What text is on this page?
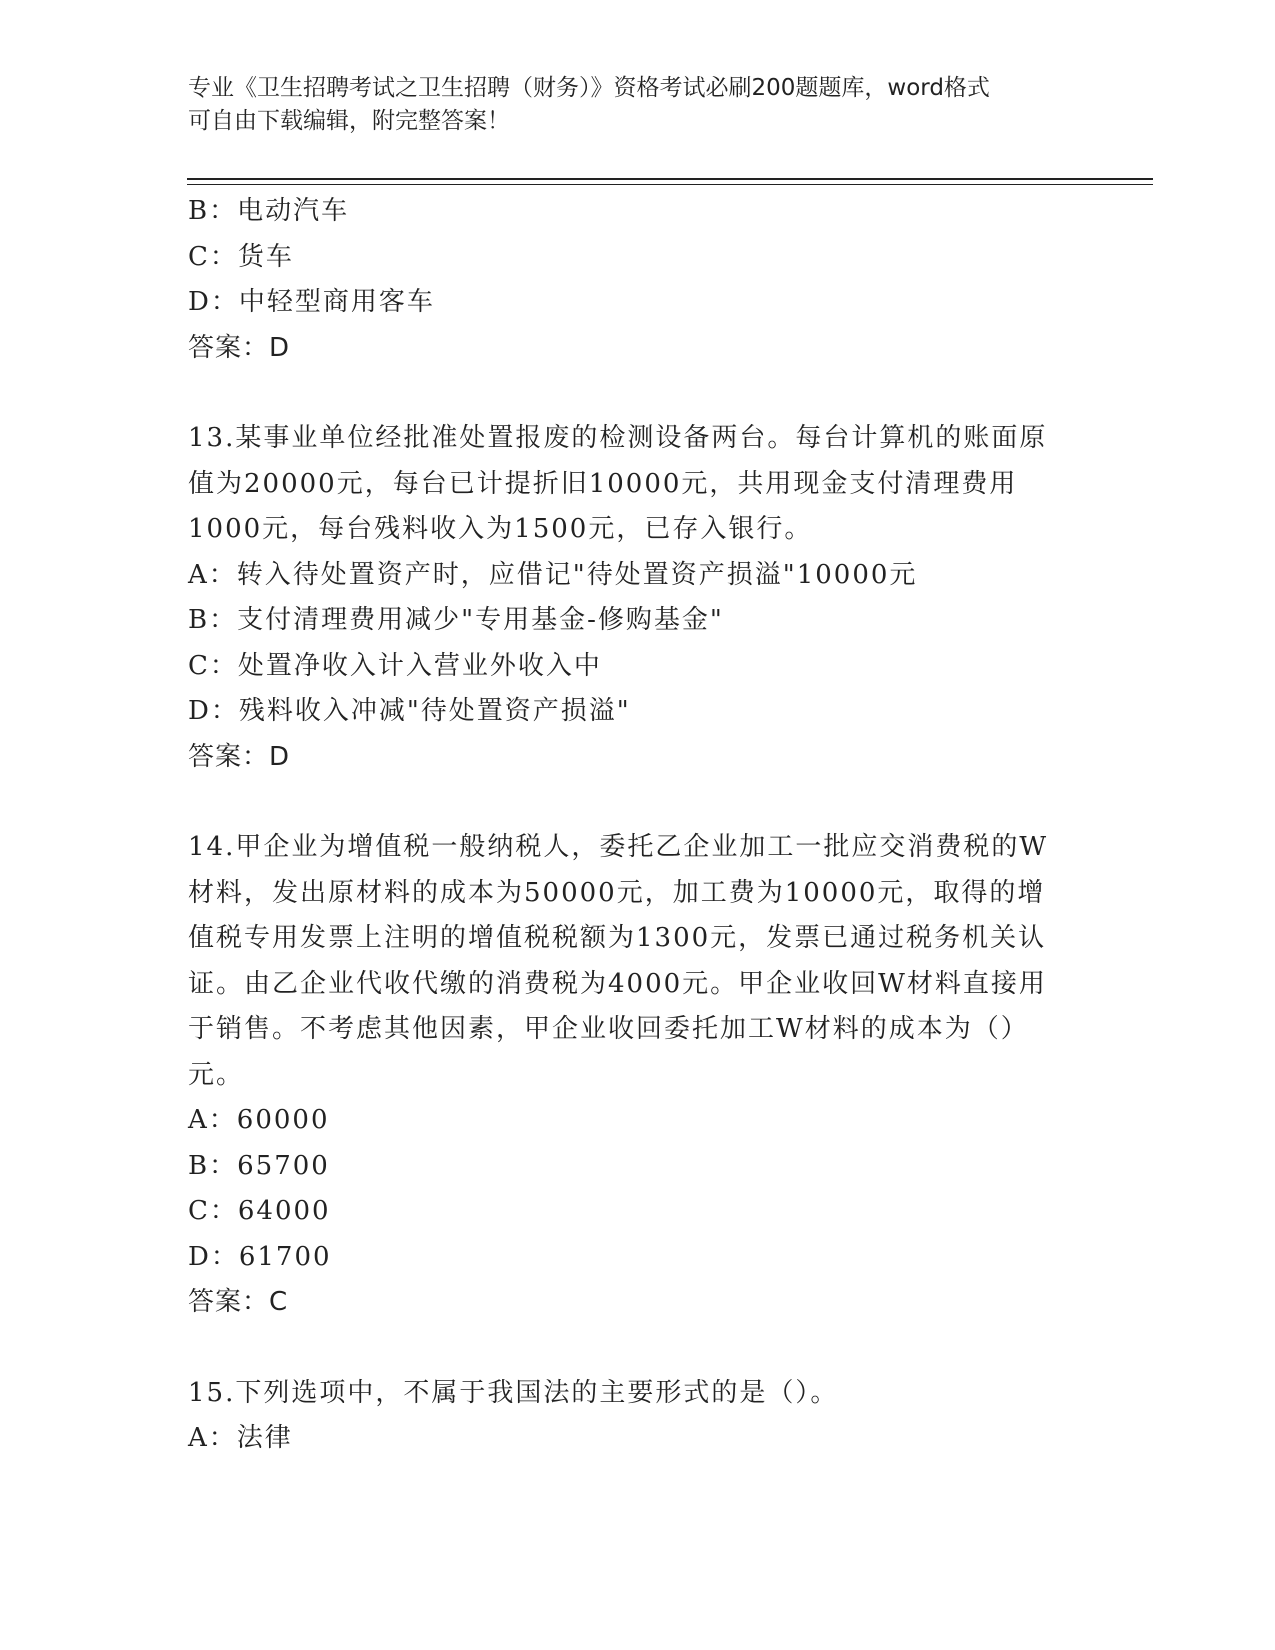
专业《卫生招聘考试之卫生招聘（财务）》资格考试必刷200题题库，word格式
可自由下载编辑，附完整答案！

B：电动汽车

C：货车

D：中轻型商用客车

答案：D

13.某事业单位经批准处置报废的检测设备两台。每台计算机的账面原

值为20000元，每台已计提折旧10000元，共用现金支付清理费用

1000元，每台残料收入为1500元，已存入银行。

A：转入待处置资产时，应借记"待处置资产损溢"10000元

B：支付清理费用减少"专用基金-修购基金"

C：处置净收入计入营业外收入中

D：残料收入冲减"待处置资产损溢"

答案：D

14.甲企业为增值税一般纳税人，委托乙企业加工一批应交消费税的W

材料，发出原材料的成本为50000元，加工费为10000元，取得的增

值税专用发票上注明的增值税税额为1300元，发票已通过税务机关认

证。由乙企业代收代缴的消费税为4000元。甲企业收回W材料直接用

于销售。不考虑其他因素，甲企业收回委托加工W材料的成本为（）

元。

A：60000

B：65700

C：64000

D：61700

答案：C

15.下列选项中，不属于我国法的主要形式的是（）。

A：法律
